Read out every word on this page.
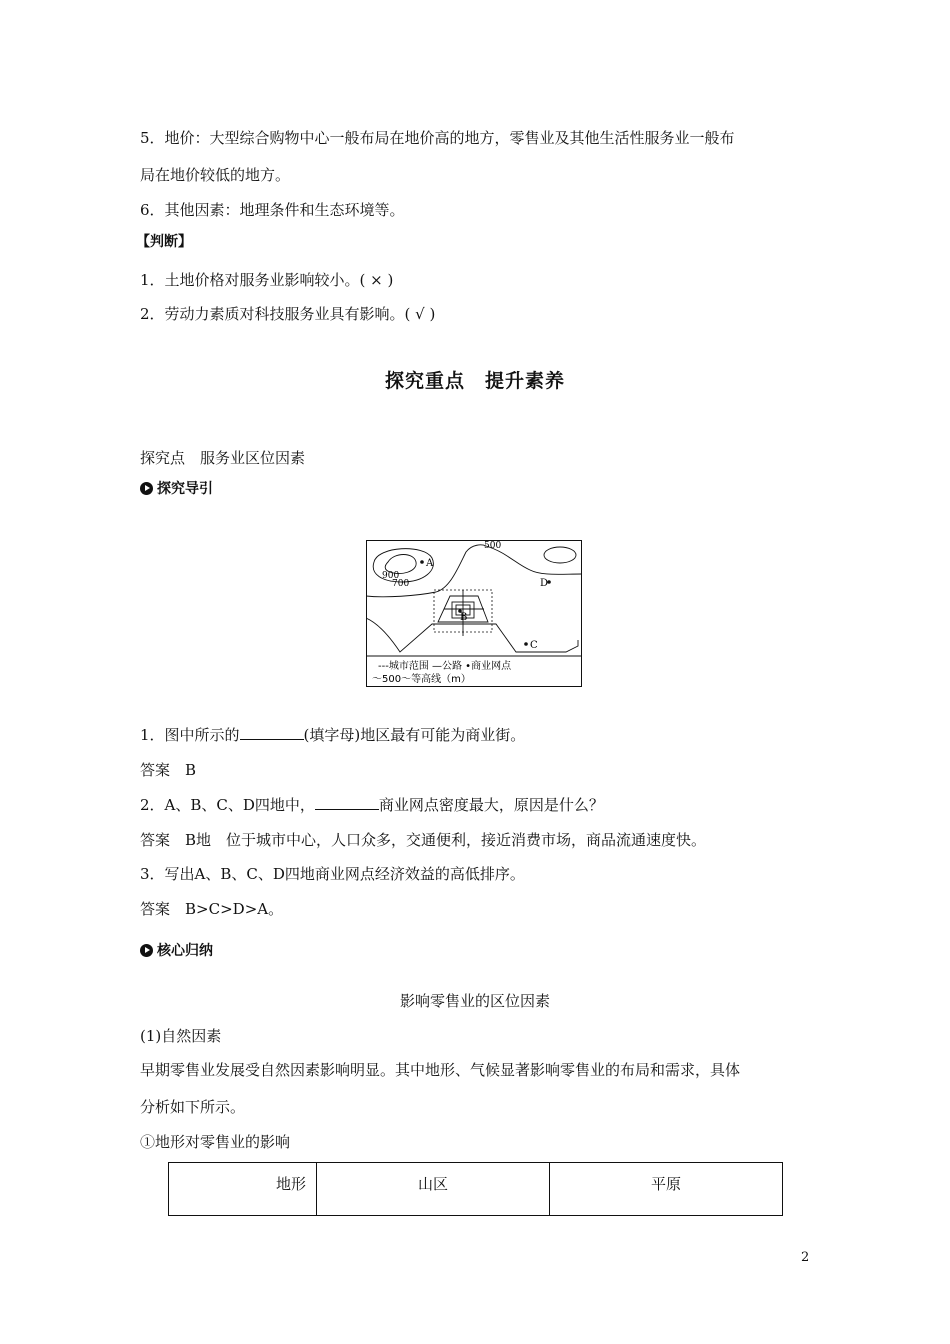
5．地价：大型综合购物中心一般布局在地价高的地方，零售业及其他生活性服务业一般布
局在地价较低的地方。
6．其他因素：地理条件和生态环境等。
【判断】
1．土地价格对服务业影响较小。( × )
2．劳动力素质对科技服务业具有影响。( √ )
探究重点　提升素养
探究点　服务业区位因素
探究导引
500
900
700
A
B
C
D
---城市范围 —公路 •商业网点
～500～等高线（m）
1．图中所示的	(填字母)地区最有可能为商业街。
答案　 B
2．A、B、C、D四地中，	商业网点密度最大，原因是什么？
答案　 B地　位于城市中心，人口众多，交通便利，接近消费市场，商品流通速度快。
3．写出A、B、C、D四地商业网点经济效益的高低排序。
答案　 B>C>D>A。
核心归纳
影响零售业的区位因素
(1)自然因素
早期零售业发展受自然因素影响明显。其中地形、气候显著影响零售业的布局和需求，具体
分析如下所示。
①地形对零售业的影响
地形	山区	平原
2
